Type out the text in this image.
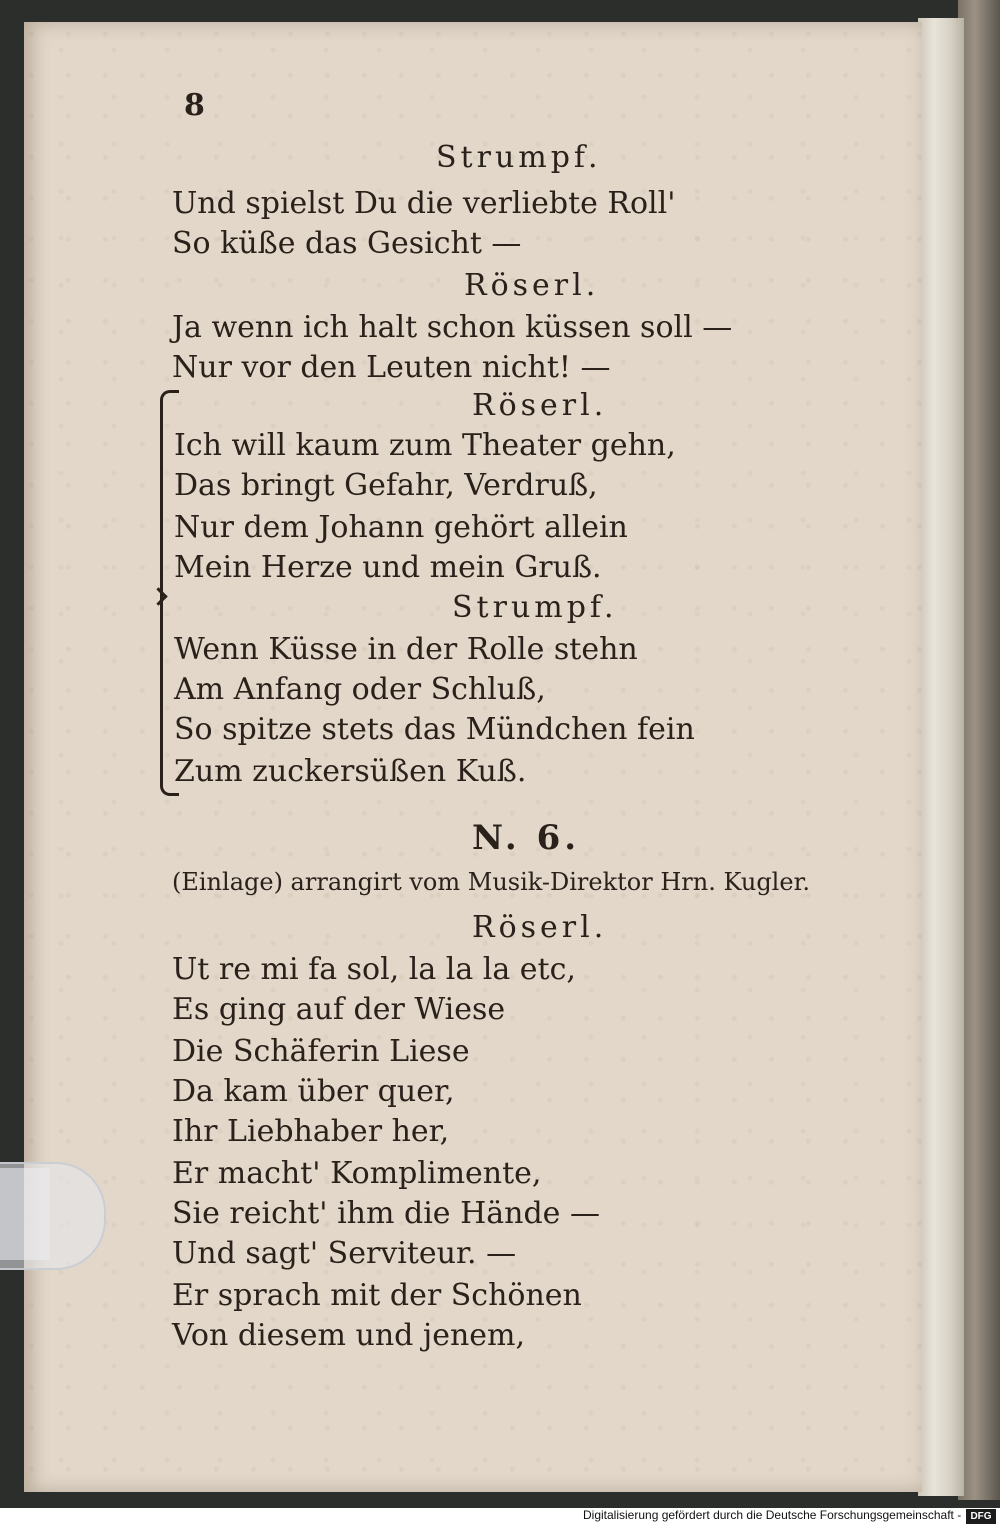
8
Strumpf.
Und spielst Du die verliebte Roll'
So küße das Gesicht —
Röserl.
Ja wenn ich halt schon küssen soll —
Nur vor den Leuten nicht! —
Röserl.
Ich will kaum zum Theater gehn,
Das bringt Gefahr, Verdruß,
Nur dem Johann gehört allein
Mein Herze und mein Gruß.
Strumpf.
Wenn Küsse in der Rolle stehn
Am Anfang oder Schluß,
So spitze stets das Mündchen fein
Zum zuckersüßen Kuß.
N. 6.
(Einlage) arrangirt vom Musik-Direktor Hrn. Kugler.
Röserl.
Ut re mi fa sol, la la la etc,
Es ging auf der Wiese
Die Schäferin Liese
Da kam über quer,
Ihr Liebhaber her,
Er macht' Komplimente,
Sie reicht' ihm die Hände —
Und sagt' Serviteur. —
Er sprach mit der Schönen
Von diesem und jenem,
Digitalisierung gefördert durch die Deutsche Forschungsgemeinschaft - DFG
